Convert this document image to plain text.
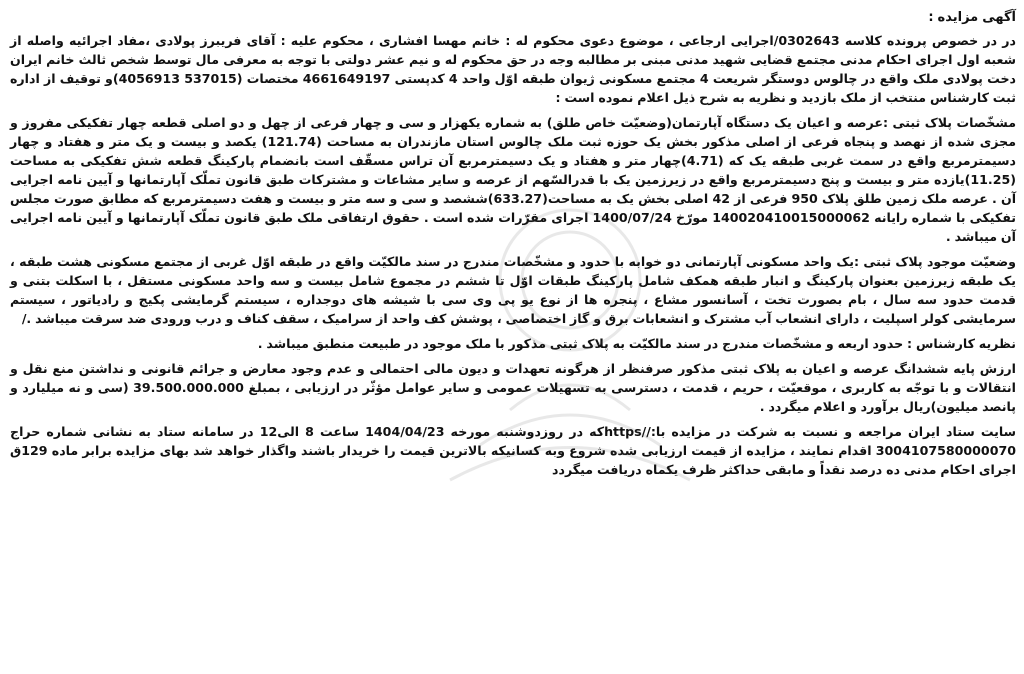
آگهی مزایده :

در در خصوص پرونده کلاسه 0302643/اجرایی ارجاعی ، موضوع دعوی محکوم له : خانم مهسا افشاری ، محکوم علیه : آقای فریبرز پولادی ،مفاد اجرائیه واصله از شعبه اول اجرای احکام مدنی مجتمع قضایی شهید مدنی مبنی بر مطالبه وجه در حق محکوم له و نیم عشر دولتی با توجه به معرفی مال توسط شخص ثالث خانم ایران دخت پولادی ملک واقع در چالوس دوستگر شریعت 4 مجتمع مسکونی ژیوان طبقه اوّل واحد 4 کدپستی 4661649197 مختصات (537015 4056913)و توقیف از اداره ثبت کارشناس منتخب از ملک بازدید و نظریه به شرح ذیل اعلام نموده است :

مشخّصات پلاک ثبتی :عرصه و اعیان یک دستگاه آپارتمان(وضعیّت خاص طلق) به شماره یکهزار و سی و چهار فرعی از چهل و دو اصلی قطعه چهار تفکیکی مفروز و مجزی شده از نهصد و پنجاه فرعی از اصلی مذکور بخش یک حوزه ثبت ملک چالوس استان مازندران به مساحت (121.74) یکصد و بیست و یک متر و هفتاد و چهار دسیمترمربع واقع در سمت غربی طبقه یک که (4.71)چهار متر و هفتاد و یک دسیمترمربع آن تراس مسقّف است بانضمام پارکینگ قطعه شش تفکیکی به مساحت (11.25)یازده متر و بیست و پنج دسیمترمربع واقع در زیرزمین یک با قدرالسّهم از عرصه و سایر مشاعات و مشترکات طبق قانون تملّک آپارتمانها و آیین نامه اجرایی آن . عرصه ملک زمین طلق پلاک 950 فرعی از 42 اصلی بخش یک به مساحت(633.27)ششصد و سی و سه متر و بیست و هفت دسیمترمربع که مطابق صورت مجلس تفکیکی با شماره رایانه 140020410015000062 مورّخ 1400/07/24 اجرای مقرّرات شده است . حقوق ارتفاقی ملک طبق قانون تملّک آپارتمانها و آیین نامه اجرایی آن میباشد .

وضعیّت موجود پلاک ثبتی :یک واحد مسکونی آپارتمانی دو خوابه با حدود و مشخّصات مندرج در سند مالکیّت واقع در طبقه اوّل غربی از مجتمع مسکونی هشت طبقه ، یک طبقه زیرزمین بعنوان پارکینگ و انبار طبقه همکف شامل پارکینگ طبقات اوّل تا ششم در مجموع شامل بیست و سه واحد مسکونی مستقل ، با اسکلت بتنی و قدمت حدود سه سال ، بام بصورت تخت ، آسانسور مشاع ، پنجره ها از نوع یو پی وی سی با شیشه های دوجداره ، سیستم گرمایشی پکیج و رادیاتور ، سیستم سرمایشی کولر اسپلیت ، دارای انشعاب آب مشترک و انشعابات برق و گاز اختصاصی ، پوشش کف واحد از سرامیک ، سقف کناف و درب ورودی ضد سرقت میباشد ./

نظریه کارشناس : حدود اربعه و مشخّصات مندرج در سند مالکیّت به پلاک ثبتی مذکور با ملک موجود در طبیعت منطبق میباشد .

ارزش پایه ششدانگ عرصه و اعیان به پلاک ثبتی مذکور صرفنظر از هرگونه تعهدات و دیون مالی احتمالی و عدم وجود معارض و جرائم قانونی و نداشتن منع نقل و انتقالات و با توجّه به کاربری ، موقعیّت ، حریم ، قدمت ، دسترسی به تسهیلات عمومی و سایر عوامل مؤثّر در ارزیابی ، بمبلغ 39.500.000.000 (سی و نه میلیارد و پانصد میلیون)ریال برآورد و اعلام میگردد .

سایت ستاد ایران مراجعه و نسبت به شرکت در مزایده با://httpsکه در روزدوشنبه مورخه 1404/04/23 ساعت 8 الی12 در سامانه ستاد به نشانی شماره حراج 3004107580000070 اقدام نمایند ، مزایده از قیمت ارزیابی شده شروع وبه کسانیکه بالاترین قیمت را خریدار باشند واگذار خواهد شد بهای مزایده برابر ماده 129ق اجرای احکام مدنی ده درصد نقداً و مابقی حداکثر ظرف یکماه دریافت میگردد
